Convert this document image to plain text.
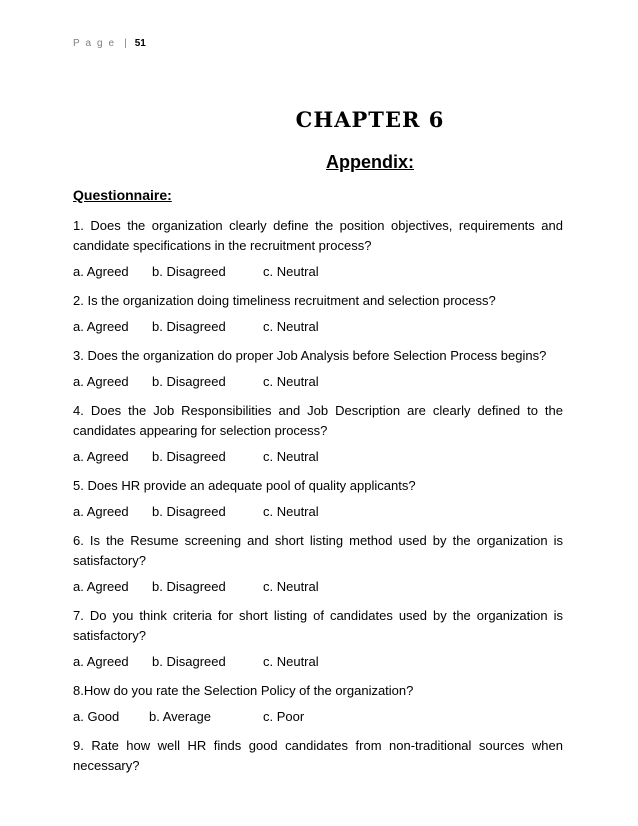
P a g e | 51
CHAPTER 6
Appendix:
Questionnaire:
1. Does the organization clearly define the position objectives, requirements and candidate specifications in the recruitment process?
a. Agreed b. Disagreed	c. Neutral
2. Is the organization doing timeliness recruitment and selection process?
a. Agreed b. Disagreed	c. Neutral
3. Does the organization do proper Job Analysis before Selection Process begins?
a. Agreed b. Disagreed	c. Neutral
4. Does the Job Responsibilities and Job Description are clearly defined to the candidates appearing for selection process?
a. Agreed b. Disagreed	c. Neutral
5. Does HR provide an adequate pool of quality applicants?
a. Agreed b. Disagreed	c. Neutral
6. Is the Resume screening and short listing method used by the organization is satisfactory?
a. Agreed b. Disagreed	c. Neutral
7. Do you think criteria for short listing of candidates used by the organization is satisfactory?
a. Agreed b. Disagreed	c. Neutral
8.How do you rate the Selection Policy of the organization?
a. Good b. Average	c. Poor
9. Rate how well HR finds good candidates from non-traditional sources when necessary?
